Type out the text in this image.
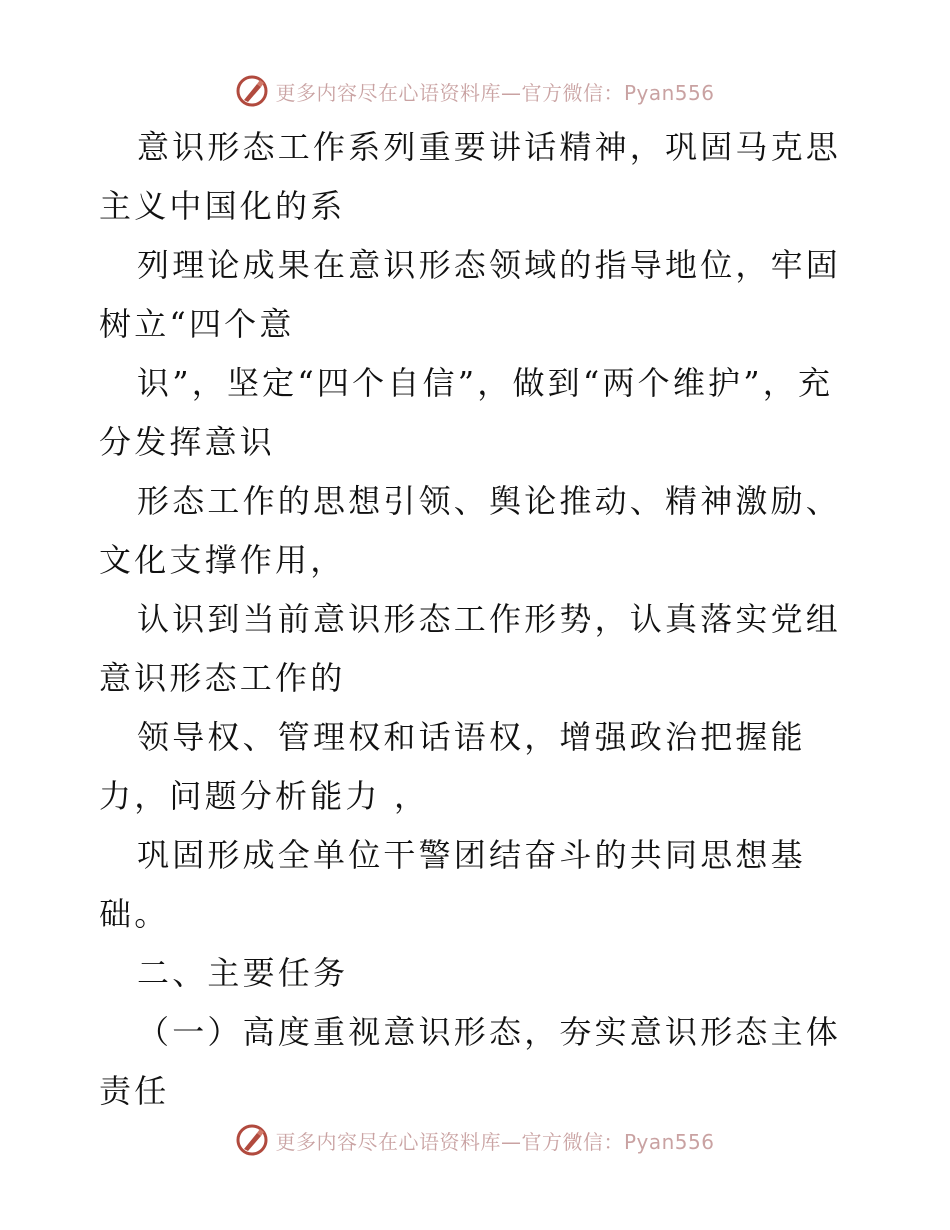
更多内容尽在心语资料库—官方微信：Pyan556

意识形态工作系列重要讲话精神，巩固马克思主义中国化的系

列理论成果在意识形态领域的指导地位，牢固树立“四个意

识”，坚定“四个自信”，做到“两个维护”，充分发挥意识

形态工作的思想引领、舆论推动、精神激励、文化支撑作用，

认识到当前意识形态工作形势，认真落实党组意识形态工作的

领导权、管理权和话语权，增强政治把握能力，问题分析能力 ，

巩固形成全单位干警团结奋斗的共同思想基础。

二、主要任务

（一）高度重视意识形态，夯实意识形态主体责任

更多内容尽在心语资料库—官方微信：Pyan556
